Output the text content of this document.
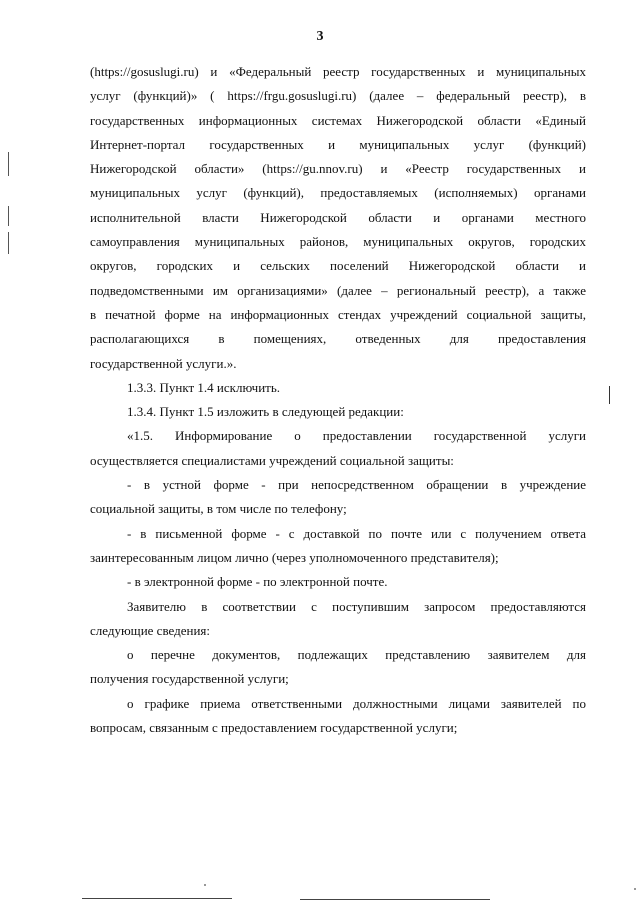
3
(https://gosuslugi.ru) и «Федеральный реестр государственных и муниципальных
услуг (функций)» ( https://frgu.gosuslugi.ru) (далее – федеральный реестр), в
государственных информационных системах Нижегородской области «Единый
Интернет-портал государственных и муниципальных услуг (функций)
Нижегородской области» (https://gu.nnov.ru) и «Реестр государственных и
муниципальных услуг (функций), предоставляемых (исполняемых) органами
исполнительной власти Нижегородской области и органами местного
самоуправления муниципальных районов, муниципальных округов, городских
округов, городских и сельских поселений Нижегородской области и
подведомственными им организациями» (далее – региональный реестр), а также
в печатной форме на информационных стендах учреждений социальной защиты,
располагающихся в помещениях, отведенных для предоставления
государственной услуги.».
1.3.3. Пункт 1.4 исключить.
1.3.4. Пункт 1.5 изложить в следующей редакции:
«1.5. Информирование о предоставлении государственной услуги
осуществляется специалистами учреждений социальной защиты:
- в устной форме - при непосредственном обращении в учреждение
социальной защиты, в том числе по телефону;
- в письменной форме - с доставкой по почте или с получением ответа
заинтересованным лицом лично (через уполномоченного представителя);
- в электронной форме - по электронной почте.
Заявителю в соответствии с поступившим запросом предоставляются
следующие сведения:
о перечне документов, подлежащих представлению заявителем для
получения государственной услуги;
о графике приема ответственными должностными лицами заявителей по
вопросам, связанным с предоставлением государственной услуги;
